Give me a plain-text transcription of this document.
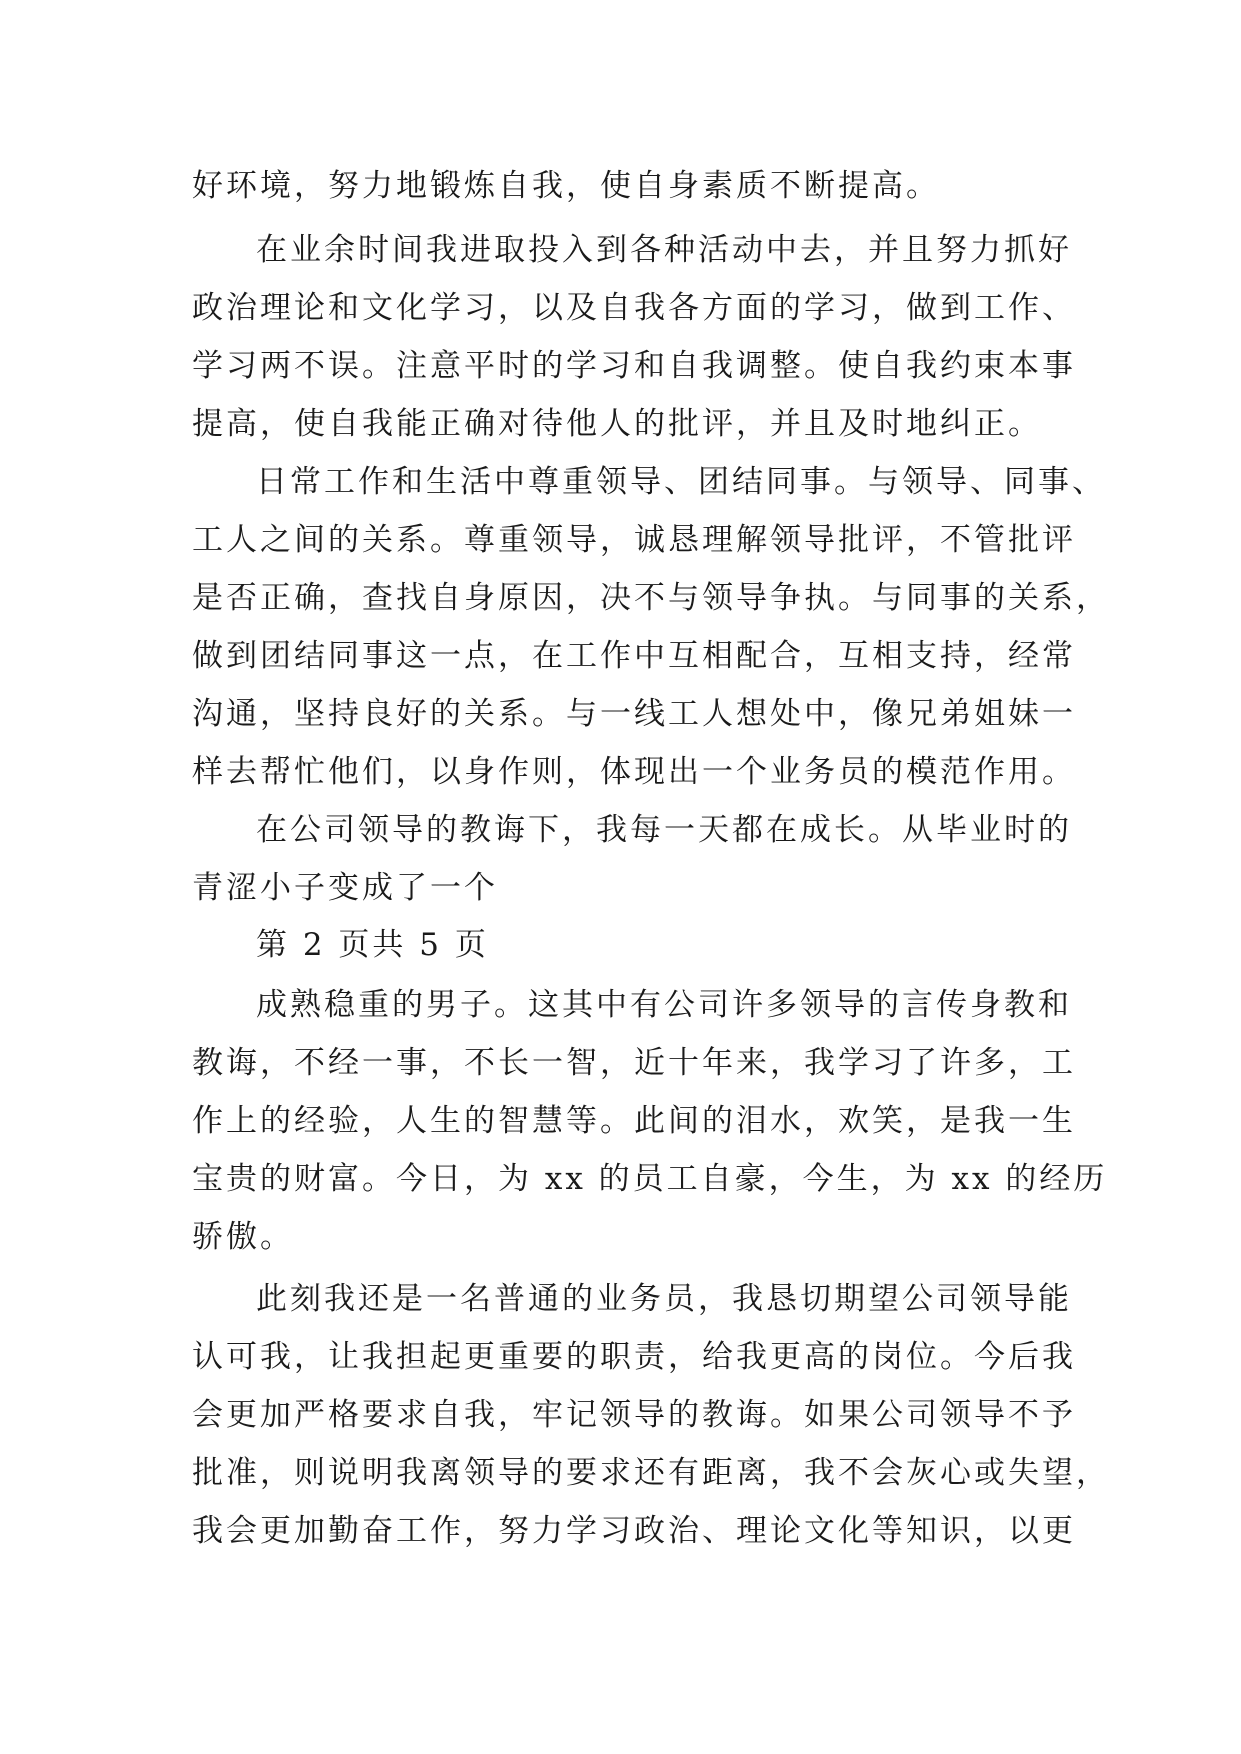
好环境，努力地锻炼自我，使自身素质不断提高。
在业余时间我进取投入到各种活动中去，并且努力抓好
政治理论和文化学习，以及自我各方面的学习，做到工作、
学习两不误。注意平时的学习和自我调整。使自我约束本事
提高，使自我能正确对待他人的批评，并且及时地纠正。
日常工作和生活中尊重领导、团结同事。与领导、同事、
工人之间的关系。尊重领导，诚恳理解领导批评，不管批评
是否正确，查找自身原因，决不与领导争执。与同事的关系，
做到团结同事这一点，在工作中互相配合，互相支持，经常
沟通，坚持良好的关系。与一线工人想处中，像兄弟姐妹一
样去帮忙他们，以身作则，体现出一个业务员的模范作用。
在公司领导的教诲下，我每一天都在成长。从毕业时的
青涩小子变成了一个
第 2 页共 5 页
成熟稳重的男子。这其中有公司许多领导的言传身教和
教诲，不经一事，不长一智，近十年来，我学习了许多，工
作上的经验，人生的智慧等。此间的泪水，欢笑，是我一生
宝贵的财富。今日，为 xx 的员工自豪，今生，为 xx 的经历
骄傲。
此刻我还是一名普通的业务员，我恳切期望公司领导能
认可我，让我担起更重要的职责，给我更高的岗位。今后我
会更加严格要求自我，牢记领导的教诲。如果公司领导不予
批准，则说明我离领导的要求还有距离，我不会灰心或失望，
我会更加勤奋工作，努力学习政治、理论文化等知识，以更
